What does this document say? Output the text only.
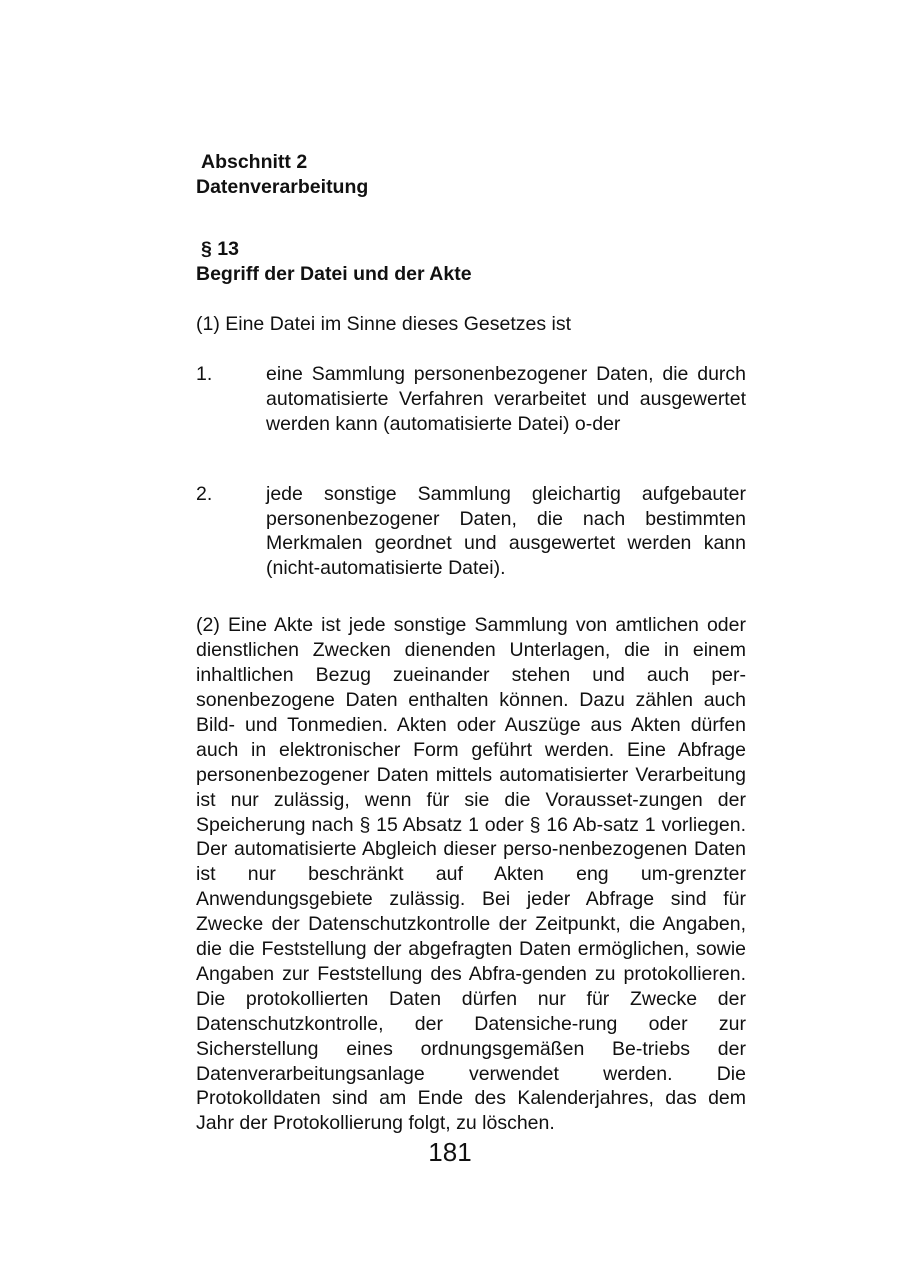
Abschnitt 2

Datenverarbeitung

§ 13

Begriff der Datei und der Akte

(1) Eine Datei im Sinne dieses Gesetzes ist

1.	eine Sammlung personenbezogener Daten, die durch automatisierte Verfahren verarbeitet und ausgewertet werden kann (automatisierte Datei) o-der
2.	jede sonstige Sammlung gleichartig aufgebauter personenbezogener Daten, die nach bestimmten Merkmalen geordnet und ausgewertet werden kann (nicht-automatisierte Datei).

(2) Eine Akte ist jede sonstige Sammlung von amtlichen oder dienstlichen Zwecken dienenden Unterlagen, die in einem inhaltlichen Bezug zueinander stehen und auch per-sonenbezogene Daten enthalten können. Dazu zählen auch Bild- und Tonmedien. Akten oder Auszüge aus Akten dürfen auch in elektronischer Form geführt werden. Eine Abfrage personenbezogener Daten mittels automatisierter Verarbeitung ist nur zulässig, wenn für sie die Vorausset-zungen der Speicherung nach § 15 Absatz 1 oder § 16 Ab-satz 1 vorliegen. Der automatisierte Abgleich dieser perso-nenbezogenen Daten ist nur beschränkt auf Akten eng um-grenzter Anwendungsgebiete zulässig. Bei jeder Abfrage sind für Zwecke der Datenschutzkontrolle der Zeitpunkt, die Angaben, die die Feststellung der abgefragten Daten ermöglichen, sowie Angaben zur Feststellung des Abfra-genden zu protokollieren. Die protokollierten Daten dürfen nur für Zwecke der Datenschutzkontrolle, der Datensiche-rung oder zur Sicherstellung eines ordnungsgemäßen Be-triebs der Datenverarbeitungsanlage verwendet werden. Die Protokolldaten sind am Ende des Kalenderjahres, das dem Jahr der Protokollierung folgt, zu löschen.

181
